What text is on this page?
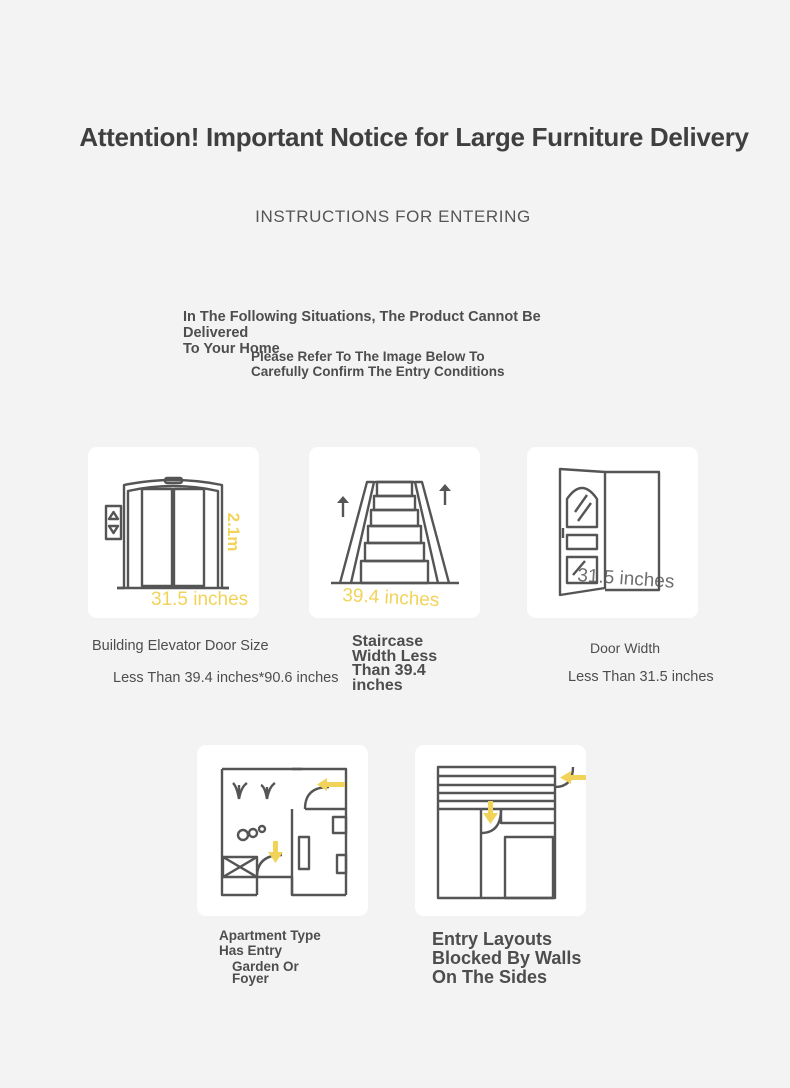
Attention! Important Notice for Large Furniture Delivery
INSTRUCTIONS FOR ENTERING
In The Following Situations, The Product Cannot Be Delivered
To Your Home
Please Refer To The Image Below To
Carefully Confirm The Entry Conditions
2.1m
31.5 inches	39.4 inches
31.5 inches
Building Elevator Door Size
Less Than 39.4 inches*90.6 inches
Staircase
Width Less
Than 39.4
inches
Door Width
Less Than 31.5 inches
Apartment Type
Has Entry
Garden Or
Foyer
Entry Layouts
Blocked By Walls
On The Sides
